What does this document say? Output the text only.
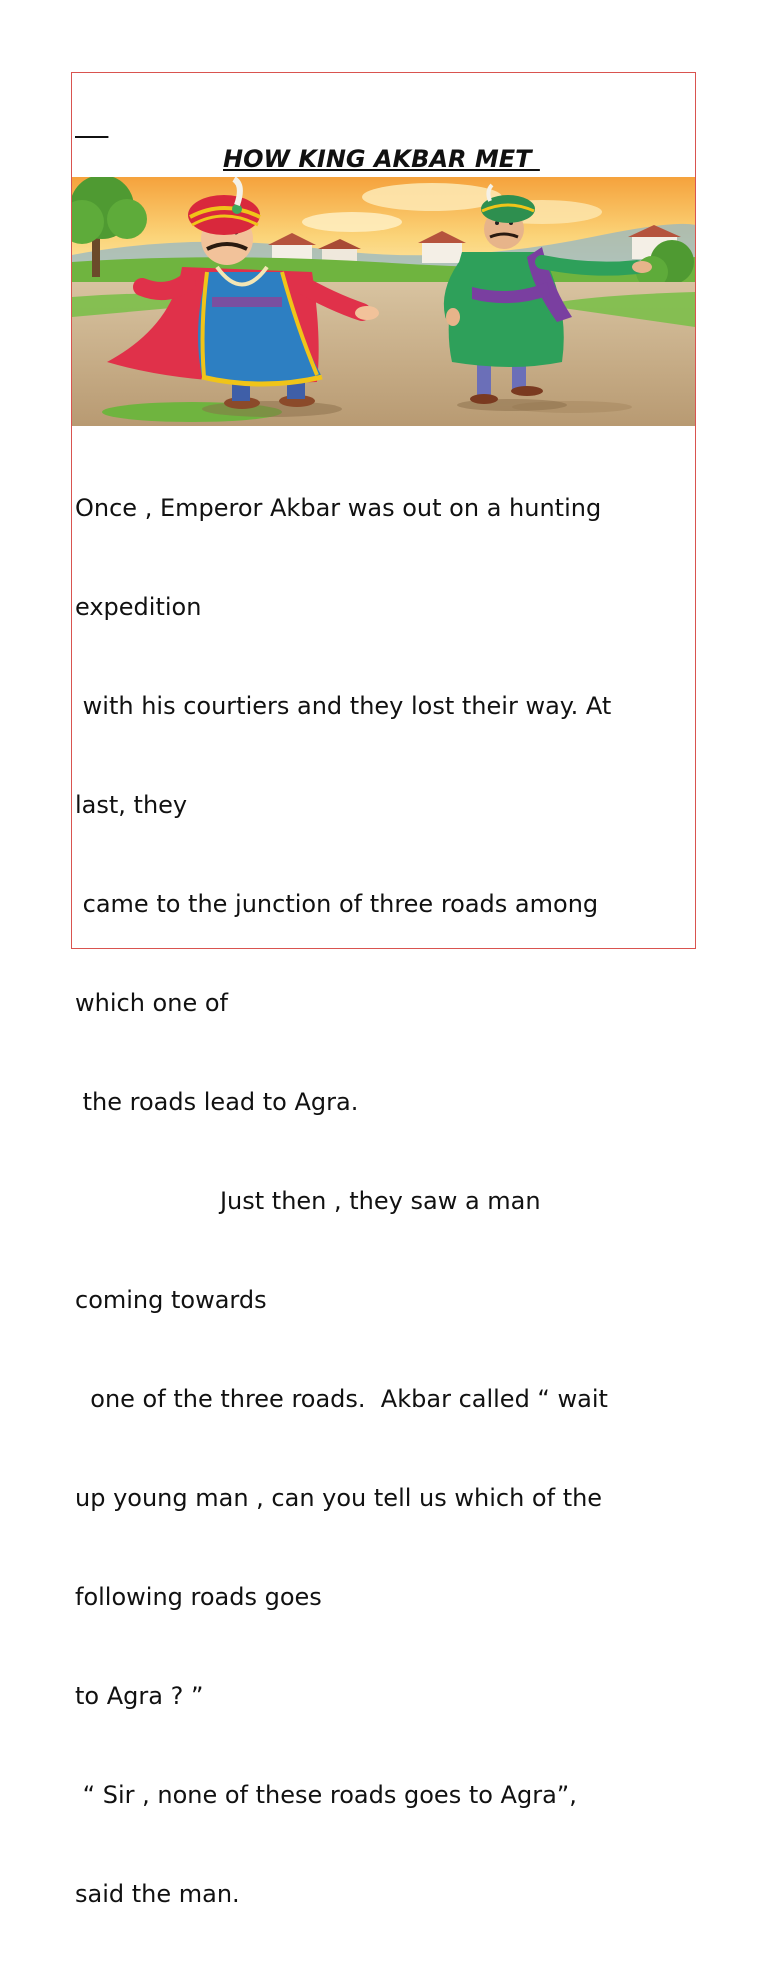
HOW KING AKBAR MET

Once , Emperor Akbar was out on a hunting

expedition

with his courtiers and they lost their way. At

last, they

came to the junction of three roads among

which one of

the roads lead to Agra.

Just then , they saw a man

coming towards

one of the three roads.  Akbar called “ wait

up young man , can you tell us which of the

following roads goes

to Agra ? ”

“ Sir , none of these roads goes to Agra”,

said the man.
